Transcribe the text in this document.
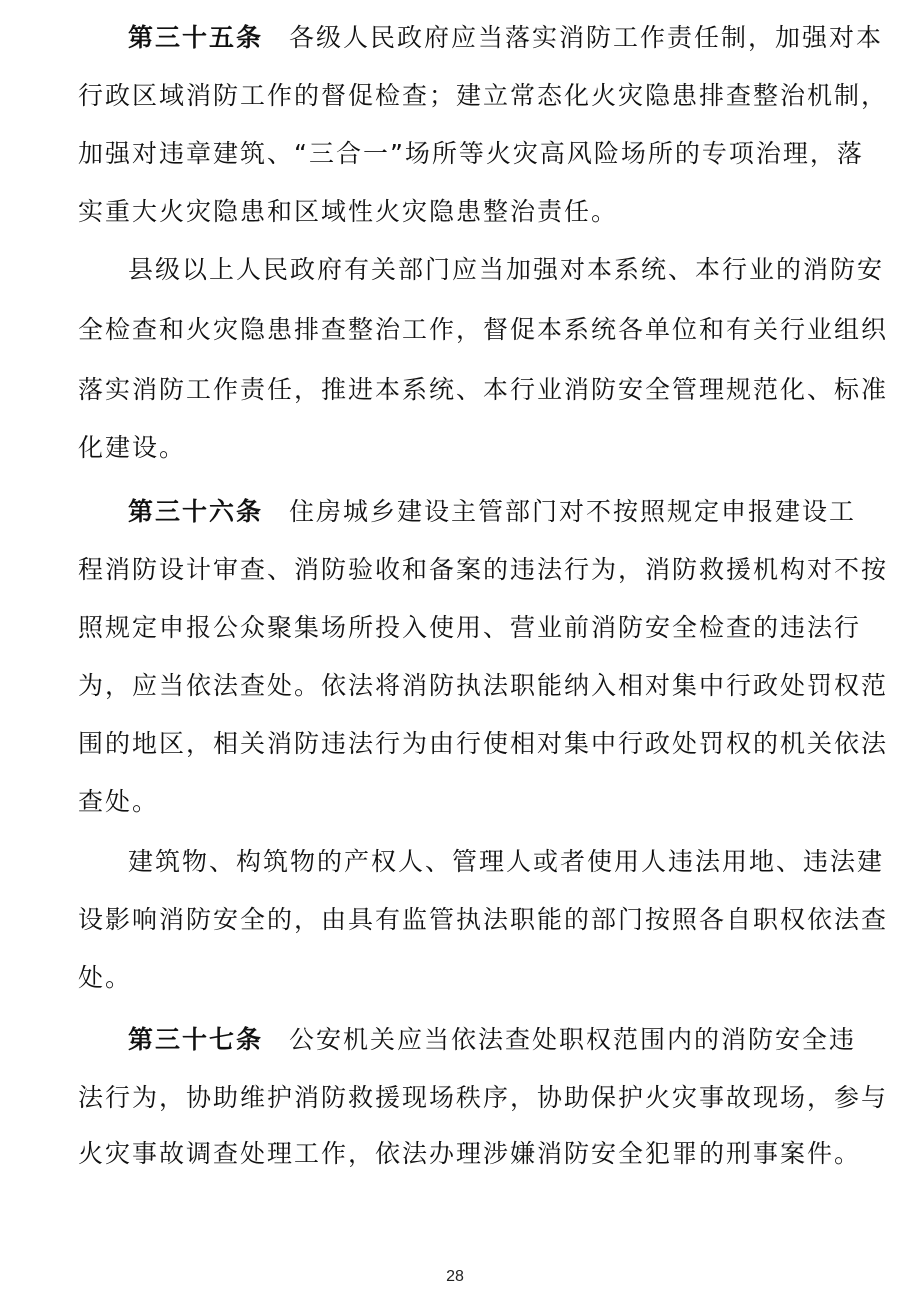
第三十五条 各级人民政府应当落实消防工作责任制，加强对本
行政区域消防工作的督促检查；建立常态化火灾隐患排查整治机制，
加强对违章建筑、“三合一”场所等火灾高风险场所的专项治理，落
实重大火灾隐患和区域性火灾隐患整治责任。
县级以上人民政府有关部门应当加强对本系统、本行业的消防安
全检查和火灾隐患排查整治工作，督促本系统各单位和有关行业组织
落实消防工作责任，推进本系统、本行业消防安全管理规范化、标准
化建设。
第三十六条 住房城乡建设主管部门对不按照规定申报建设工
程消防设计审查、消防验收和备案的违法行为，消防救援机构对不按
照规定申报公众聚集场所投入使用、营业前消防安全检查的违法行
为，应当依法查处。依法将消防执法职能纳入相对集中行政处罚权范
围的地区，相关消防违法行为由行使相对集中行政处罚权的机关依法
查处。
建筑物、构筑物的产权人、管理人或者使用人违法用地、违法建
设影响消防安全的，由具有监管执法职能的部门按照各自职权依法查
处。
第三十七条 公安机关应当依法查处职权范围内的消防安全违
法行为，协助维护消防救援现场秩序，协助保护火灾事故现场，参与
火灾事故调查处理工作，依法办理涉嫌消防安全犯罪的刑事案件。
28
